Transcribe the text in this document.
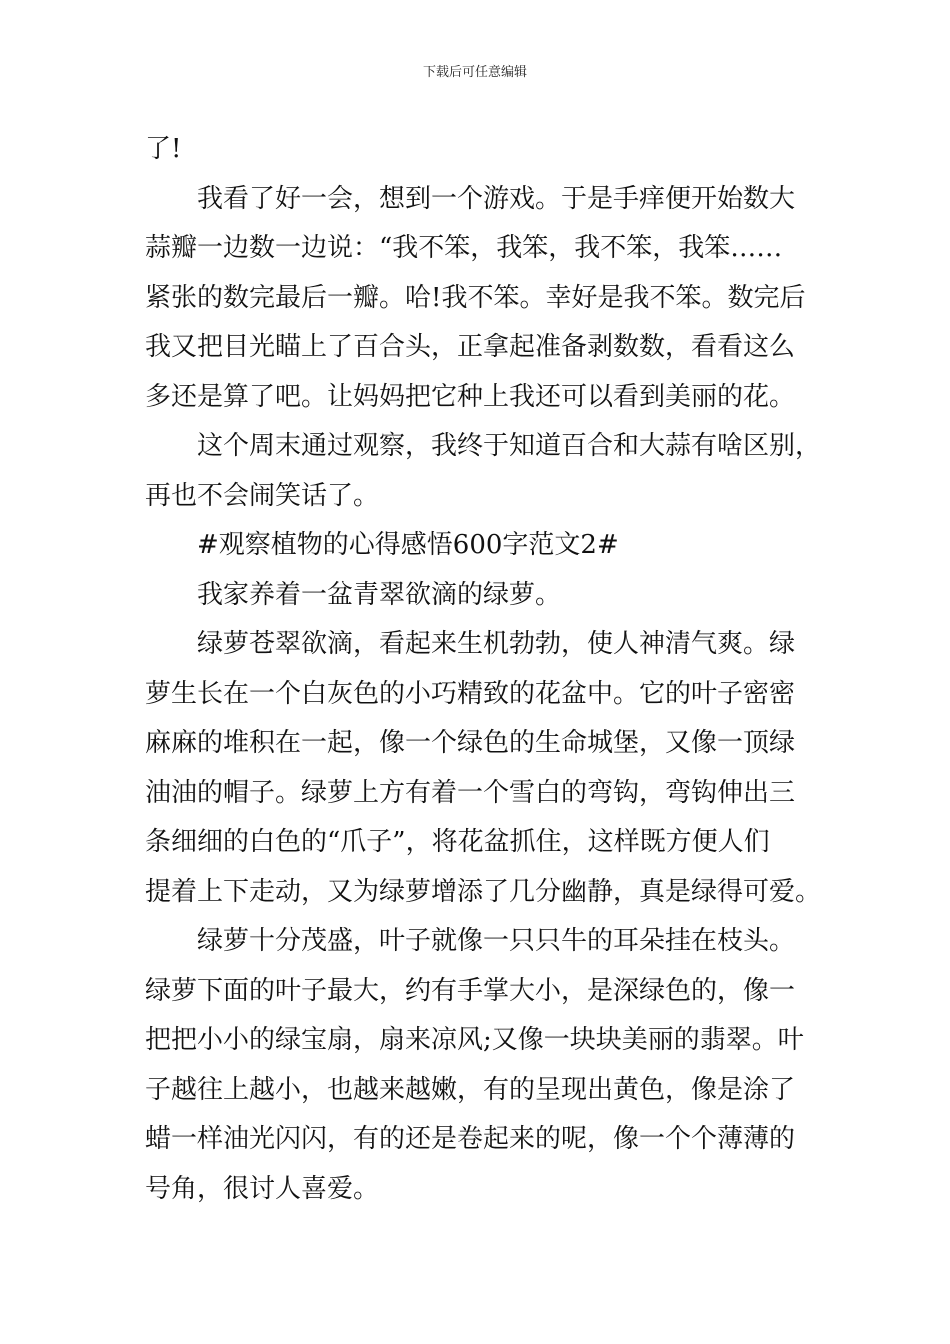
下载后可任意编辑

了!

我看了好一会，想到一个游戏。于是手痒便开始数大

蒜瓣一边数一边说：“我不笨，我笨，我不笨，我笨……

紧张的数完最后一瓣。哈!我不笨。幸好是我不笨。数完后

我又把目光瞄上了百合头，正拿起准备剥数数，看看这么

多还是算了吧。让妈妈把它种上我还可以看到美丽的花。

这个周末通过观察，我终于知道百合和大蒜有啥区别，

再也不会闹笑话了。

#观察植物的心得感悟600字范文2#

我家养着一盆青翠欲滴的绿萝。

绿萝苍翠欲滴，看起来生机勃勃，使人神清气爽。绿

萝生长在一个白灰色的小巧精致的花盆中。它的叶子密密

麻麻的堆积在一起，像一个绿色的生命城堡，又像一顶绿

油油的帽子。绿萝上方有着一个雪白的弯钩，弯钩伸出三

条细细的白色的“爪子”，将花盆抓住，这样既方便人们

提着上下走动，又为绿萝增添了几分幽静，真是绿得可爱。

绿萝十分茂盛，叶子就像一只只牛的耳朵挂在枝头。

绿萝下面的叶子最大，约有手掌大小，是深绿色的，像一

把把小小的绿宝扇，扇来凉风;又像一块块美丽的翡翠。叶

子越往上越小，也越来越嫩，有的呈现出黄色，像是涂了

蜡一样油光闪闪，有的还是卷起来的呢，像一个个薄薄的

号角，很讨人喜爱。
